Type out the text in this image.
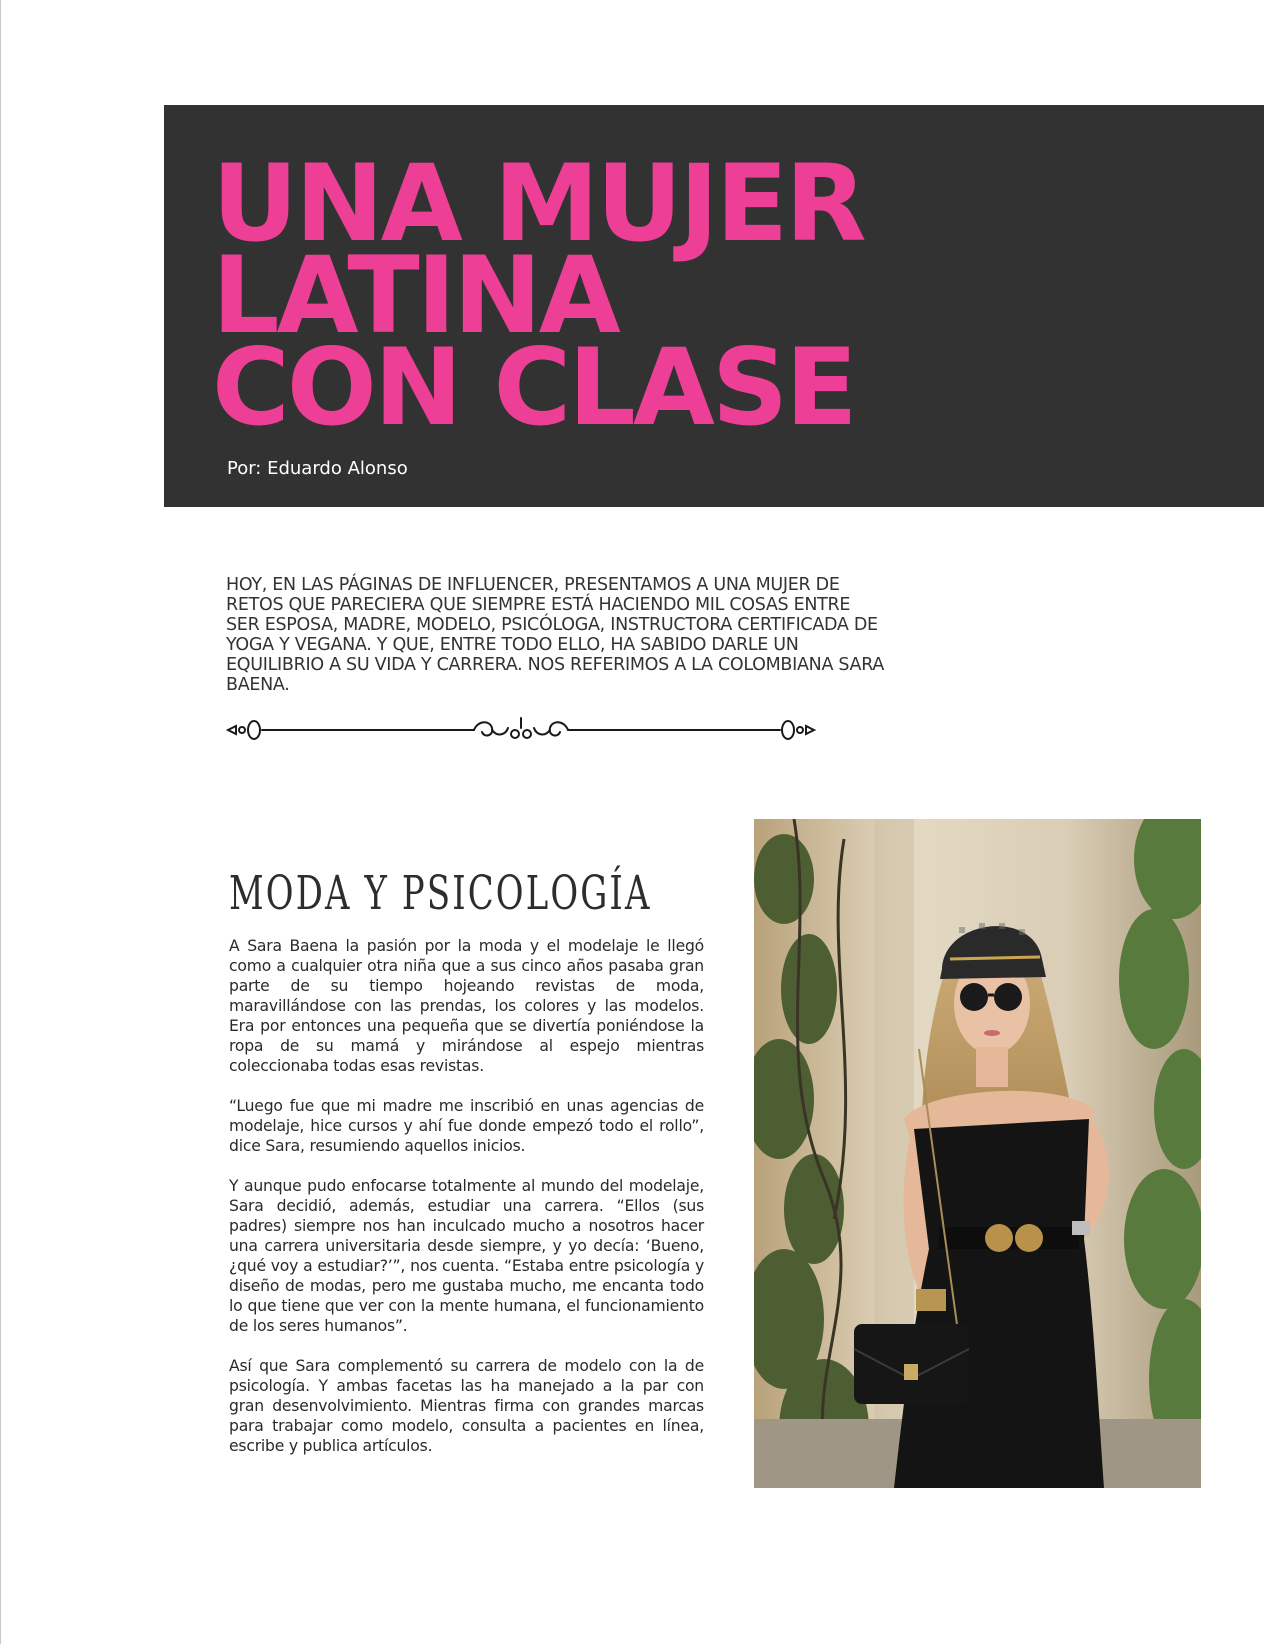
UNA MUJER
LATINA
CON CLASE

Por: Eduardo Alonso

HOY, EN LAS PÁGINAS DE INFLUENCER, PRESENTAMOS A UNA MUJER DE RETOS QUE PARECIERA QUE SIEMPRE ESTÁ HACIENDO MIL COSAS ENTRE SER ESPOSA, MADRE, MODELO, PSICÓLOGA, INSTRUCTORA CERTIFICADA DE YOGA Y VEGANA. Y QUE, ENTRE TODO ELLO, HA SABIDO DARLE UN EQUILIBRIO A SU VIDA Y CARRERA. NOS REFERIMOS A LA COLOMBIANA SARA BAENA.

MODA Y PSICOLOGÍA

A Sara Baena la pasión por la moda y el modelaje le llegó como a cualquier otra niña que a sus cinco años pasaba gran parte de su tiempo hojeando revistas de moda, maravillándose con las prendas, los colores y las modelos. Era por entonces una pequeña que se divertía poniéndose la ropa de su mamá y mirándose al espejo mientras coleccionaba todas esas revistas.

“Luego fue que mi madre me inscribió en unas agencias de modelaje, hice cursos y ahí fue donde empezó todo el rollo”, dice Sara, resumiendo aquellos inicios.

Y aunque pudo enfocarse totalmente al mundo del modelaje, Sara decidió, además, estudiar una carrera. “Ellos (sus padres) siempre nos han inculcado mucho a nosotros hacer una carrera universitaria desde siempre, y yo decía: ‘Bueno, ¿qué voy a estudiar?’”, nos cuenta. “Estaba entre psicología y diseño de modas, pero me gustaba mucho, me encanta todo lo que tiene que ver con la mente humana, el funcionamiento de los seres humanos”.

Así que Sara complementó su carrera de modelo con la de psicología. Y ambas facetas las ha manejado a la par con gran desenvolvimiento. Mientras firma con grandes marcas para trabajar como modelo, consulta a pacientes en línea, escribe y publica artículos.
